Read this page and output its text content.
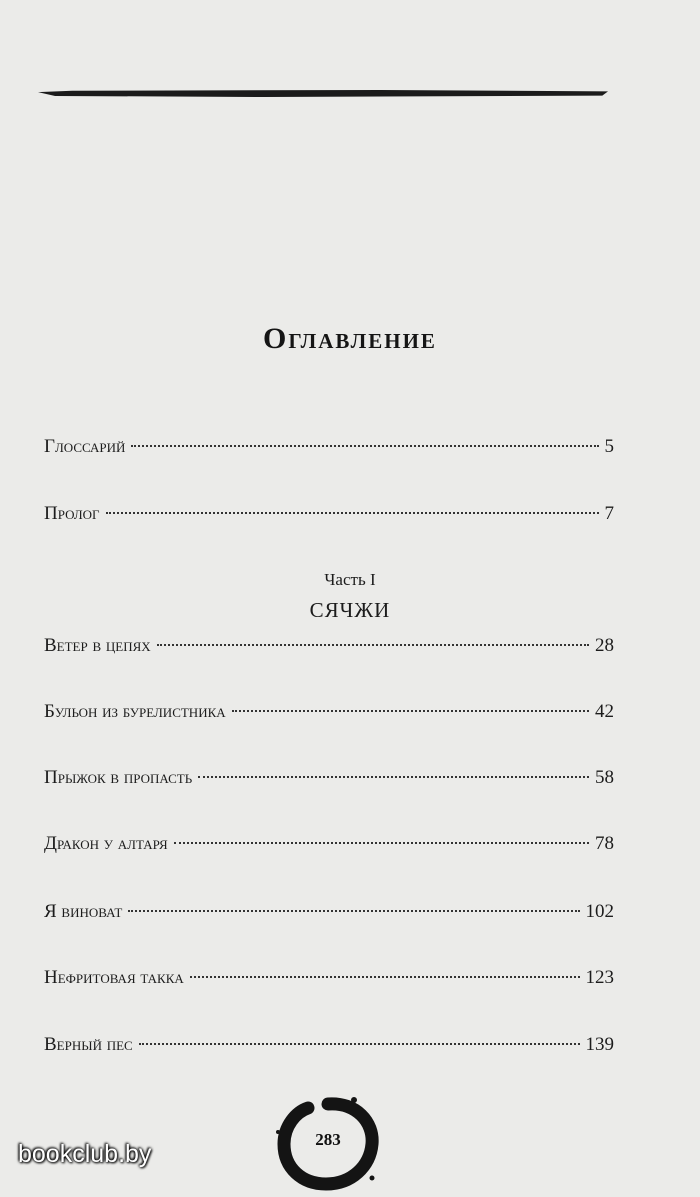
Оглавление
Глоссарий	5
Пролог	7
Часть I
СЯЧЖИ
Ветер в цепях	28
Бульон из бурелистника	42
Прыжок в пропасть	58
Дракон у алтаря	78
Я виноват	102
Нефритовая такка	123
Верный пес	139
283
bookclub.by
